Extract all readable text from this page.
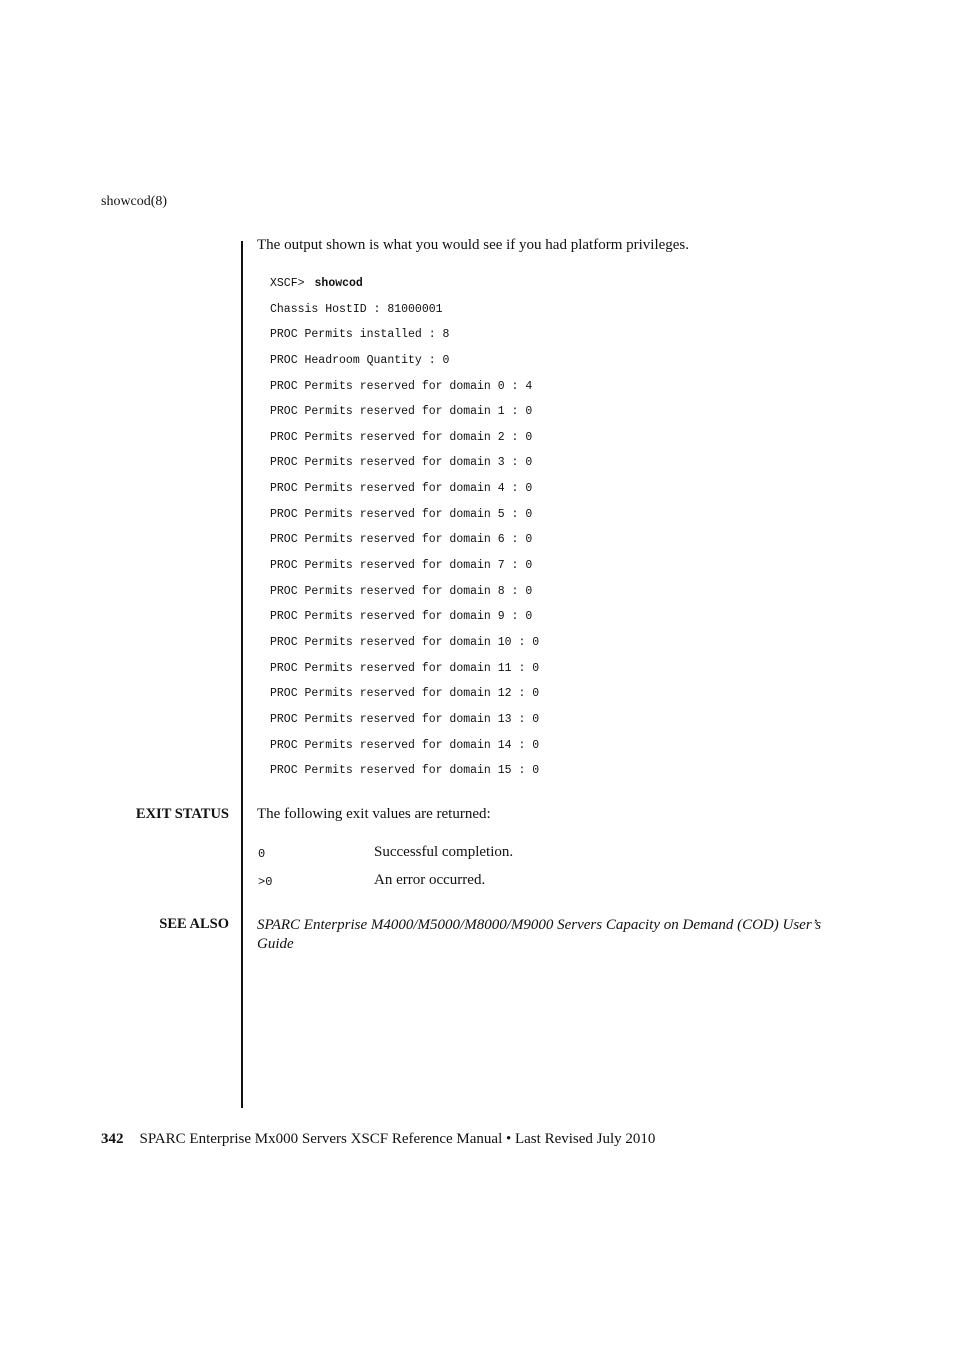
showcod(8)
The output shown is what you would see if you had platform privileges.
XSCF> showcod
Chassis HostID : 81000001
PROC Permits installed : 8
PROC Headroom Quantity : 0
PROC Permits reserved for domain 0 : 4
PROC Permits reserved for domain 1 : 0
PROC Permits reserved for domain 2 : 0
PROC Permits reserved for domain 3 : 0
PROC Permits reserved for domain 4 : 0
PROC Permits reserved for domain 5 : 0
PROC Permits reserved for domain 6 : 0
PROC Permits reserved for domain 7 : 0
PROC Permits reserved for domain 8 : 0
PROC Permits reserved for domain 9 : 0
PROC Permits reserved for domain 10 : 0
PROC Permits reserved for domain 11 : 0
PROC Permits reserved for domain 12 : 0
PROC Permits reserved for domain 13 : 0
PROC Permits reserved for domain 14 : 0
PROC Permits reserved for domain 15 : 0
EXIT STATUS The following exit values are returned:
0	Successful completion.
>0	An error occurred.
SEE ALSO SPARC Enterprise M4000/M5000/M8000/M9000 Servers Capacity on Demand (COD) User’s Guide
342 SPARC Enterprise Mx000 Servers XSCF Reference Manual • Last Revised July 2010
